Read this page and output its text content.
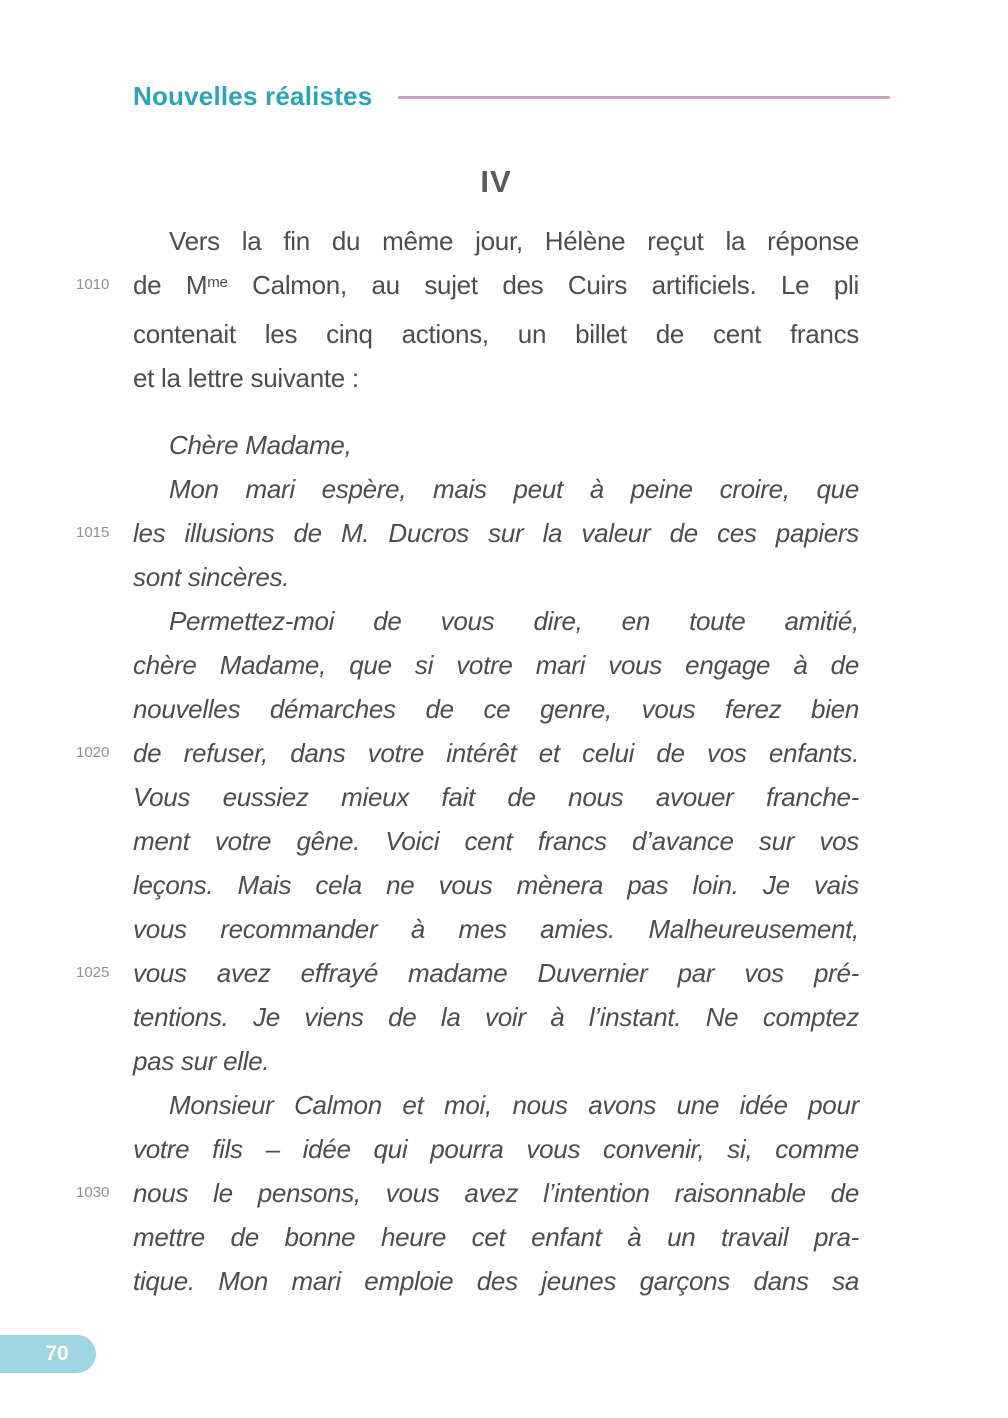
Nouvelles réalistes
IV
Vers la fin du même jour, Hélène reçut la réponse
1010 de $M^{me}$ Calmon, au sujet des Cuirs artificiels. Le pli
contenait les cinq actions, un billet de cent francs
et la lettre suivante :
Chère Madame,
Mon mari espère, mais peut à peine croire, que
1015 les illusions de M. Ducros sur la valeur de ces papiers
sont sincères.
Permettez-moi de vous dire, en toute amitié,
chère Madame, que si votre mari vous engage à de
nouvelles démarches de ce genre, vous ferez bien
1020 de refuser, dans votre intérêt et celui de vos enfants.
Vous eussiez mieux fait de nous avouer franche-
ment votre gêne. Voici cent francs d’avance sur vos
leçons. Mais cela ne vous mènera pas loin. Je vais
vous recommander à mes amies. Malheureusement,
1025 vous avez effrayé madame Duvernier par vos pré-
tentions. Je viens de la voir à l’instant. Ne comptez
pas sur elle.
Monsieur Calmon et moi, nous avons une idée pour
votre fils – idée qui pourra vous convenir, si, comme
1030 nous le pensons, vous avez l’intention raisonnable de
mettre de bonne heure cet enfant à un travail pra-
tique. Mon mari emploie des jeunes garçons dans sa
70
